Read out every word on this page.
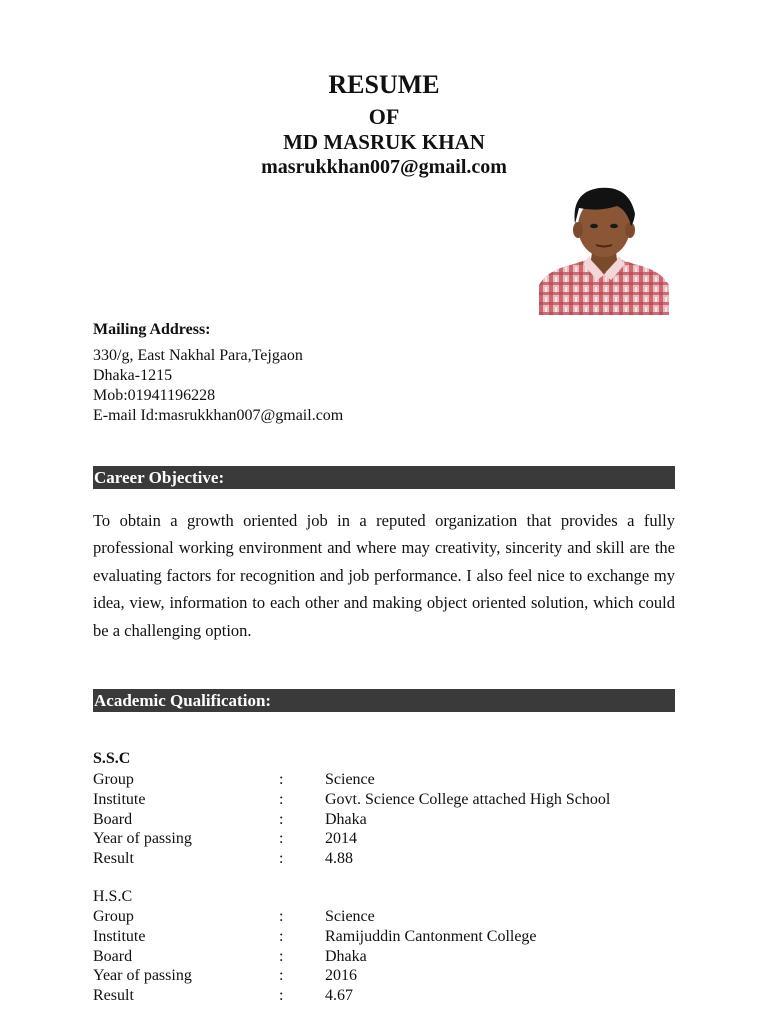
RESUME
OF
MD MASRUK KHAN
masrukkhan007@gmail.com
Mailing Address:
330/g, East Nakhal Para,Tejgaon
Dhaka-1215
Mob:01941196228
E-mail Id:masrukkhan007@gmail.com
Career Objective:
To obtain a growth oriented job in a reputed organization that provides a fully professional working environment and where may creativity, sincerity and skill are the evaluating factors for recognition and job performance. I also feel nice to exchange my idea, view, information to each other and making object oriented solution, which could be a challenging option.
Academic Qualification:
S.S.C
Group	:	Science
Institute	:	Govt. Science College attached High School
Board	:	Dhaka
Year of passing	:	2014
Result	:	4.88
H.S.C
Group	:	Science
Institute	:	Ramijuddin Cantonment College
Board	:	Dhaka
Year of passing	:	2016
Result	:	4.67
